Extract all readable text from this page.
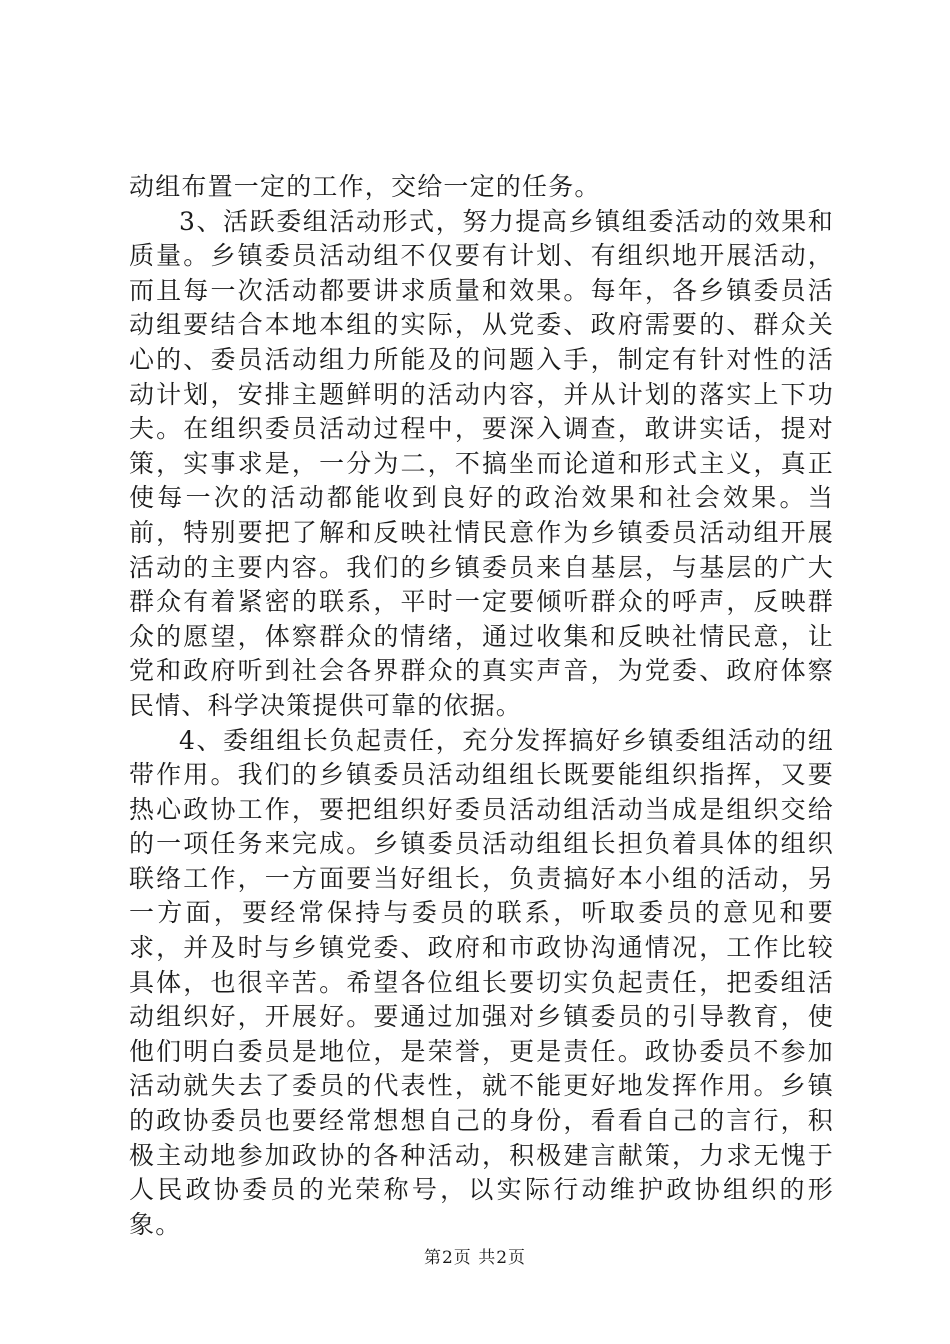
动组布置一定的工作，交给一定的任务。

3、活跃委组活动形式，努力提高乡镇组委活动的效果和质量。乡镇委员活动组不仅要有计划、有组织地开展活动，而且每一次活动都要讲求质量和效果。每年，各乡镇委员活动组要结合本地本组的实际，从党委、政府需要的、群众关心的、委员活动组力所能及的问题入手，制定有针对性的活动计划，安排主题鲜明的活动内容，并从计划的落实上下功夫。在组织委员活动过程中，要深入调查，敢讲实话，提对策，实事求是，一分为二，不搞坐而论道和形式主义，真正使每一次的活动都能收到良好的政治效果和社会效果。当前，特别要把了解和反映社情民意作为乡镇委员活动组开展活动的主要内容。我们的乡镇委员来自基层，与基层的广大群众有着紧密的联系，平时一定要倾听群众的呼声，反映群众的愿望，体察群众的情绪，通过收集和反映社情民意，让党和政府听到社会各界群众的真实声音，为党委、政府体察民情、科学决策提供可靠的依据。

4、委组组长负起责任，充分发挥搞好乡镇委组活动的纽带作用。我们的乡镇委员活动组组长既要能组织指挥，又要热心政协工作，要把组织好委员活动组活动当成是组织交给的一项任务来完成。乡镇委员活动组组长担负着具体的组织联络工作，一方面要当好组长，负责搞好本小组的活动，另一方面，要经常保持与委员的联系，听取委员的意见和要求，并及时与乡镇党委、政府和市政协沟通情况，工作比较具体，也很辛苦。希望各位组长要切实负起责任，把委组活动组织好，开展好。要通过加强对乡镇委员的引导教育，使他们明白委员是地位，是荣誉，更是责任。政协委员不参加活动就失去了委员的代表性，就不能更好地发挥作用。乡镇的政协委员也要经常想想自己的身份，看看自己的言行，积极主动地参加政协的各种活动，积极建言献策，力求无愧于人民政协委员的光荣称号，以实际行动维护政协组织的形象。

第2页 共2页
